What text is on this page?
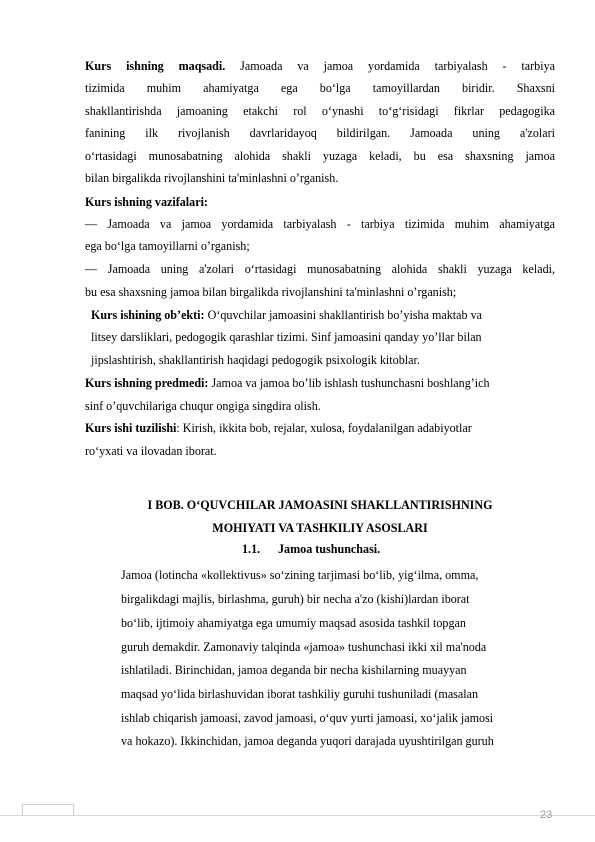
Kurs ishning maqsadi. Jamoada va jamoa yordamida tarbiyalash - tarbiya
tizimida muhim ahamiyatga ega bo‘lga tamoyillardan biridir. Shaxsni
shakllantirishda jamoaning etakchi rol o‘ynashi to‘g‘risidagi fikrlar pedagogika
fanining ilk rivojlanish davrlaridayoq bildirilgan. Jamoada uning a'zolari
o‘rtasidagi munosabatning alohida shakli yuzaga keladi, bu esa shaxsning jamoa
bilan birgalikda rivojlanshini ta'minlashni o’rganish.
Kurs ishning vazifalari:
— Jamoada va jamoa yordamida tarbiyalash - tarbiya tizimida muhim ahamiyatga
ega bo‘lga tamoyillarni o’rganish;
— Jamoada uning a'zolari o‘rtasidagi munosabatning alohida shakli yuzaga keladi,
bu esa shaxsning jamoa bilan birgalikda rivojlanshini ta'minlashni o’rganish;
Kurs ishining ob’ekti: O‘quvchilar jamoasini shakllantirish bo’yisha maktab va
litsey darsliklari, pedogogik qarashlar tizimi. Sinf jamoasini qanday yo’llar bilan
jipslashtirish, shakllantirish haqidagi pedogogik psixologik kitoblar.
Kurs ishning predmedi: Jamoa va jamoa bo’lib ishlash tushunchasni boshlang’ich
sinf o’quvchilariga chuqur ongiga singdira olish.
Kurs ishi tuzilishi: Kirish, ikkita bob, rejalar, xulosa, foydalanilgan adabiyotlar
ro‘yxati va ilovadan iborat.
I BOB. O‘QUVCHILAR JAMOASINI SHAKLLANTIRISHNING
MOHIYATI VA TASHKILIY ASOSLARI
1.1. Jamoa tushunchasi.
Jamoa (lotincha «kollektivus» so‘zining tarjimasi bo‘lib, yig‘ilma, omma,
birgalikdagi majlis, birlashma, guruh) bir necha a'zo (kishi)lardan iborat
bo‘lib, ijtimoiy ahamiyatga ega umumiy maqsad asosida tashkil topgan
guruh demakdir. Zamonaviy talqinda «jamoa» tushunchasi ikki xil ma'noda
ishlatiladi. Birinchidan, jamoa deganda bir necha kishilarning muayyan
maqsad yo‘lida birlashuvidan iborat tashkiliy guruhi tushuniladi (masalan
ishlab chiqarish jamoasi, zavod jamoasi, o‘quv yurti jamoasi, xo‘jalik jamosi
va hokazo). Ikkinchidan, jamoa deganda yuqori darajada uyushtirilgan guruh
23
